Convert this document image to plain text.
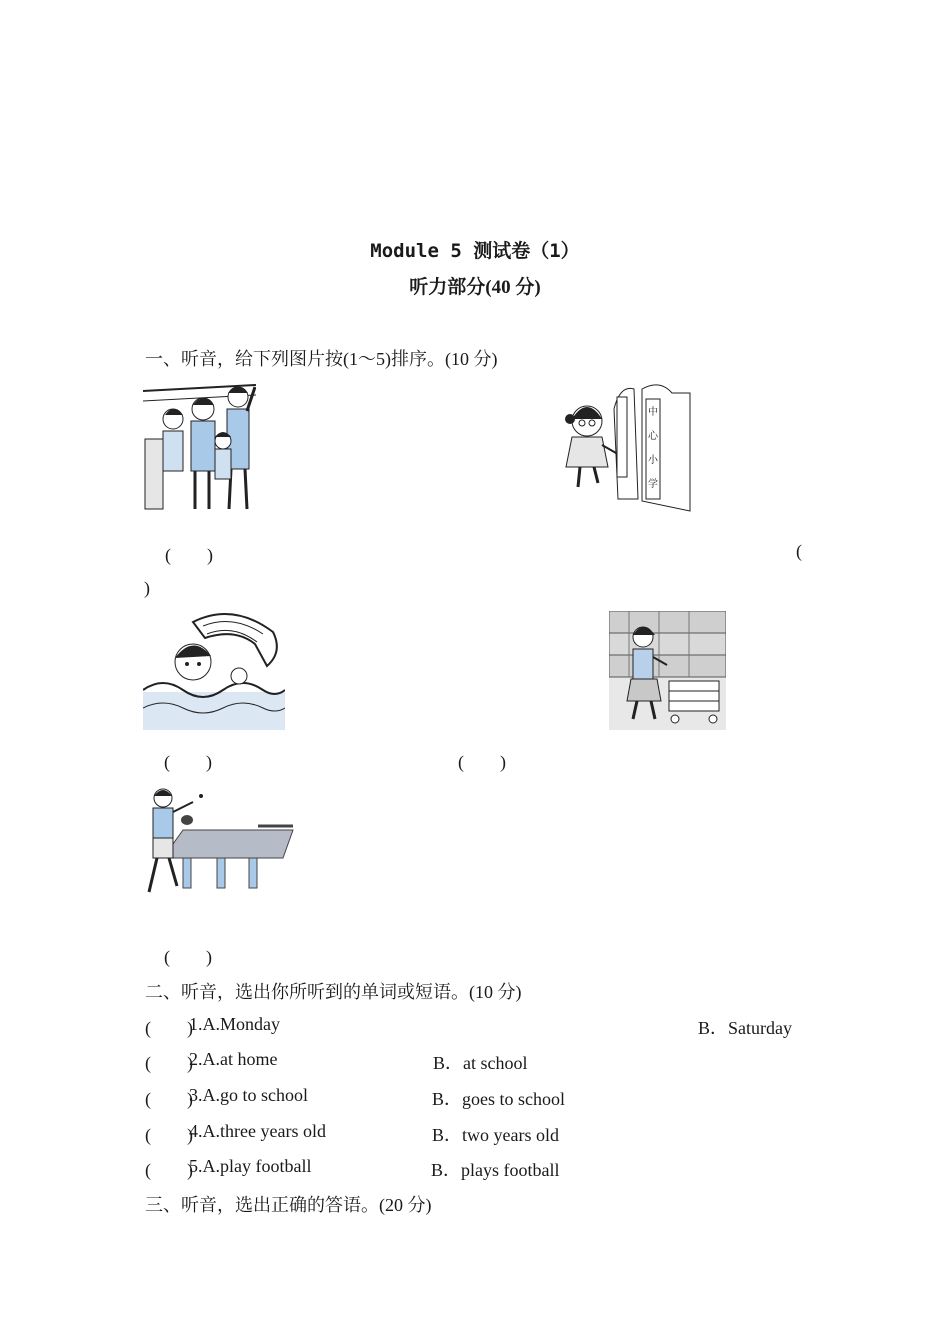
Module 5 测试卷（1）
听力部分(40 分)
一、听音，给下列图片按(1～5)排序。(10 分)
中
心
小
学
(　　)	(
)
(　　)	(　　)
(　　)
二、听音，选出你所听到的单词或短语。(10 分)
(　　)
1.A.Monday	B．Saturday
(　　)
2.A.at home	B．at school
(　　)
3.A.go to school	B．goes to school
(　　)
4.A.three years old	B．two years old
(　　)
5.A.play football	B．plays football
三、听音，选出正确的答语。(20 分)
